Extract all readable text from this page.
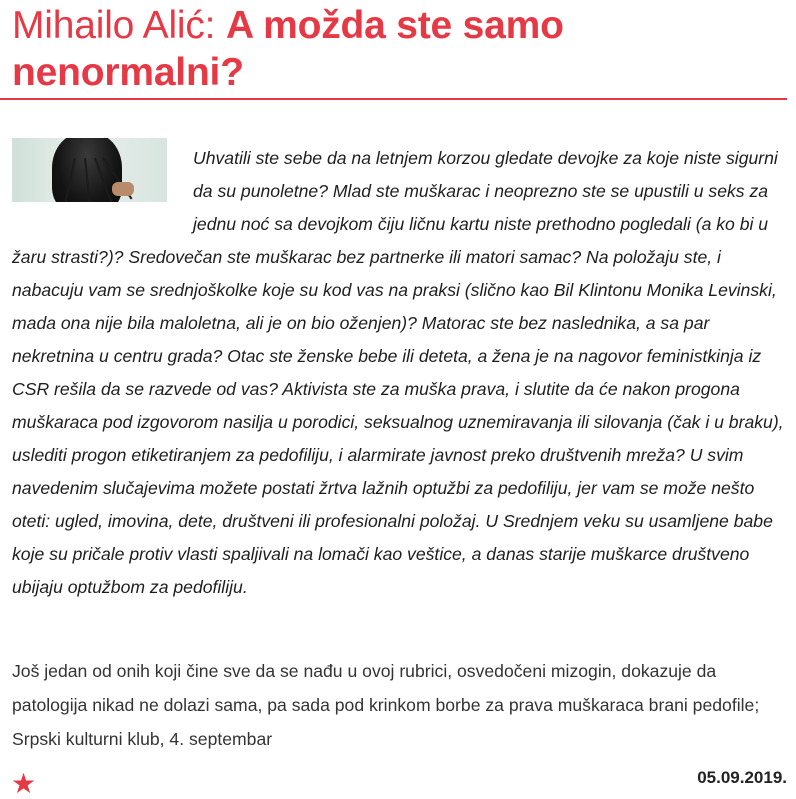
Mihailo Alić: A možda ste samo nenormalni?

Uhvatili ste sebe da na letnjem korzou gledate devojke za koje niste sigurni da su punoletne? Mlad ste muškarac i neoprezno ste se upustili u seks za jednu noć sa devojkom čiju ličnu kartu niste prethodno pogledali (a ko bi u žaru strasti?)? Sredovečan ste muškarac bez partnerke ili matori samac? Na položaju ste, i nabacuju vam se srednjoškolke koje su kod vas na praksi (slično kao Bil Klintonu Monika Levinski, mada ona nije bila maloletna, ali je on bio oženjen)? Matorac ste bez naslednika, a sa par nekretnina u centru grada? Otac ste ženske bebe ili deteta, a žena je na nagovor feministkinja iz CSR rešila da se razvede od vas? Aktivista ste za muška prava, i slutite da će nakon progona muškaraca pod izgovorom nasilja u porodici, seksualnog uznemiravanja ili silovanja (čak i u braku), uslediti progon etiketiranjem za pedofiliju, i alarmirate javnost preko društvenih mreža? U svim navedenim slučajevima možete postati žrtva lažnih optužbi za pedofiliju, jer vam se može nešto oteti: ugled, imovina, dete, društveni ili profesionalni položaj. U Srednjem veku su usamljene babe koje su pričale protiv vlasti spaljivali na lomači kao veštice, a danas starije muškarce društveno ubijaju optužbom za pedofiliju.

Još jedan od onih koji čine sve da se nađu u ovoj rubrici, osvedočeni mizogin, dokazuje da patologija nikad ne dolazi sama, pa sada pod krinkom borbe za prava muškaraca brani pedofile; Srpski kulturni klub, 4. septembar

★	05.09.2019.
